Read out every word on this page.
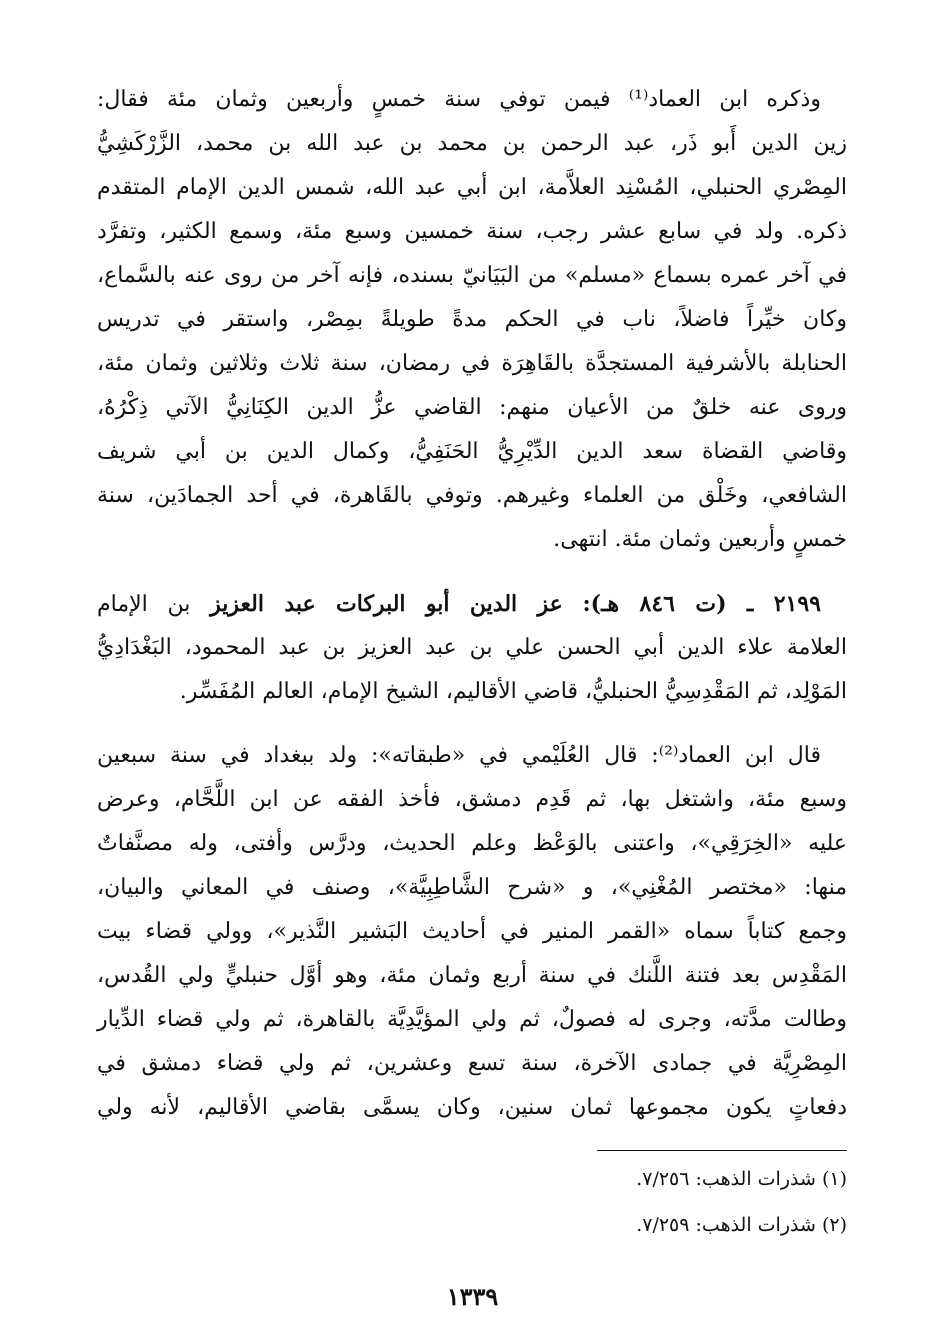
وذكره ابن العماد⁽¹⁾ فيمن توفي سنة خمسٍ وأربعين وثمان مئة فقال:
زين الدين أَبو ذَر، عبد الرحمن بن محمد بن عبد الله بن محمد، الزَّرْكَشِيُّ
المِصْري الحنبلي، المُسْنِد العلاَّمة، ابن أبي عبد الله، شمس الدين الإمام المتقدم
ذكره. ولد في سابع عشر رجب، سنة خمسين وسبع مئة، وسمع الكثير، وتفرَّد
في آخر عمره بسماع «مسلم» من البَيَانيّ بسنده، فإنه آخر من روى عنه بالسَّماع،
وكان خيِّراً فاضلاً، ناب في الحكم مدةً طويلةً بمِصْر، واستقر في تدريس
الحنابلة بالأشرفية المستجدَّة بالقَاهِرَة في رمضان، سنة ثلاث وثلاثين وثمان مئة،
وروى عنه خلقٌ من الأعيان منهم: القاضي عزُّ الدين الكِنَانِيُّ الآتي ذِكْرُهُ،
وقاضي القضاة سعد الدين الدِّيْرِيُّ الحَنَفِيُّ، وكمال الدين بن أبي شريف
الشافعي، وخَلْق من العلماء وغيرهم. وتوفي بالقَاهرة، في أحد الجمادَين، سنة
خمسٍ وأربعين وثمان مئة. انتهى.
٢١٩٩ ـ (ت ٨٤٦ هـ): عز الدين أبو البركات عبد العزيز بن الإمام
العلامة علاء الدين أبي الحسن علي بن عبد العزيز بن عبد المحمود، البَغْدَادِيُّ
المَوْلِد، ثم المَقْدِسِيُّ الحنبليُّ، قاضي الأقاليم، الشيخ الإمام، العالم المُفَسِّر.
قال ابن العماد⁽²⁾: قال العُلَيْمي في «طبقاته»: ولد ببغداد في سنة سبعين
وسبع مئة، واشتغل بها، ثم قَدِم دمشق، فأخذ الفقه عن ابن اللَّحَّام، وعرض
عليه «الخِرَقِي»، واعتنى بالوَعْظ وعلم الحديث، ودرَّس وأفتى، وله مصنَّفاتٌ
منها: «مختصر المُغْنِي»، و «شرح الشَّاطِبِيَّة»، وصنف في المعاني والبيان،
وجمع كتاباً سماه «القمر المنير في أحاديث البَشير النَّذير»، وولي قضاء بيت
المَقْدِس بعد فتنة اللَّنك في سنة أربع وثمان مئة، وهو أوَّل حنبليٍّ ولي القُدس،
وطالت مدَّته، وجرى له فصولٌ، ثم ولي المؤيَّدِيَّة بالقاهرة، ثم ولي قضاء الدِّيار
المِصْرِيَّة في جمادى الآخرة، سنة تسع وعشرين، ثم ولي قضاء دمشق في
دفعاتٍ يكون مجموعها ثمان سنين، وكان يسمَّى بقاضي الأقاليم، لأنه ولي
(١) شذرات الذهب: ٧/٢٥٦.
(٢) شذرات الذهب: ٧/٢٥٩.
١٣٣٩
